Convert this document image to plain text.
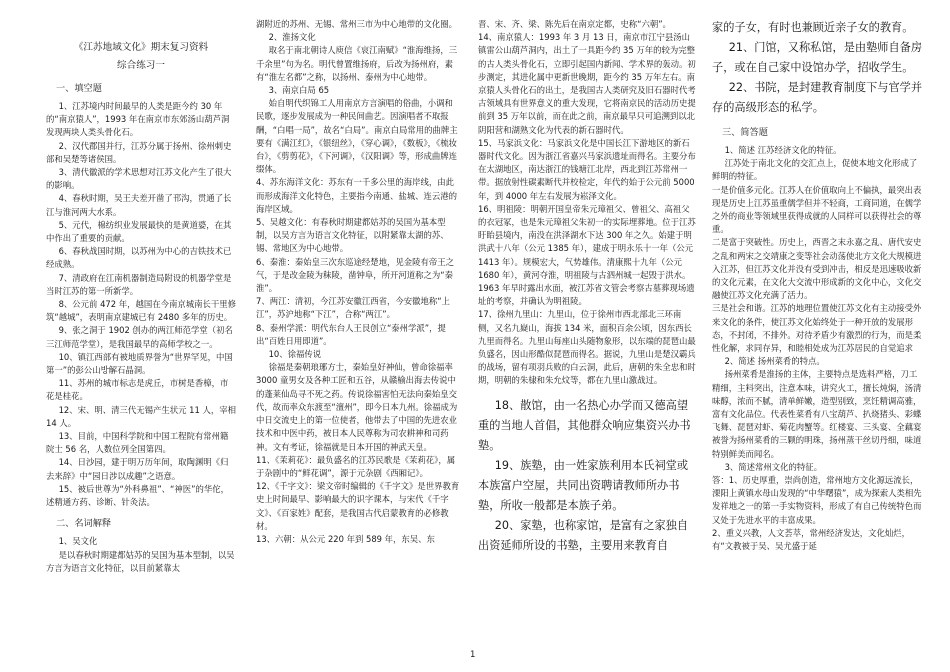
《江苏地域文化》期末复习资料
综合练习一
一、填空题

1、江苏境内时间最早的人类是距今约 30 年的“南京猿人”，1993 年在南京市东郊汤山葫芦洞发现两块人类头骨化石。

2、汉代郡国并行，江苏分属于扬州、徐州刺史部和吴楚等诸侯国。

3、清代徽派的学术思想对江苏文化产生了很大的影响。

4、春秋时期，吴王夫差开凿了邗沟，贯通了长江与淮河两大水系。

5、元代，棉纺织业发展最快的是黄道婆，在其中作出了重要的贡献。

6、春秋战国时期，以苏州为中心的吉铁技术已经成熟。

7、清政府在江南机器制造局附设的机器学堂是当时江苏的第一所新学。

8、公元前 472 年，越国在今南京城南长干里修筑“越城”，表明南京建城已有 2480 多年的历史。

9、张之洞于 1902 创办的两江师范学堂（初名三江师范学堂），是我国最早的高师学校之一。

10、镇江西部有被地质界誉为“世界罕见，中国第一”的彭公山방解石晶洞。

11、苏州的城市标志是虎丘，市树是香樟，市花是桂花。

12、宋、明、清三代无锡产生状元 11 人，宰相 14 人。

13、目前，中国科学院和中国工程院有常州籍院士 56 名，人数位列全国第四。

14、日沙园，建于明万历年间，取陶渊明《归去来辞》中“园日涉以成趣”之语意。

15、被后世尊为“外科鼻祖”、“神医”的华佗，述精通方药、诊断、针灸法。

二、名词解释

1、吴文化

是以春秋时期建都姑苏的吴国为基本型制，以吴方言为语言文化特征，以目前紧靠太

湖附近的苏州、无锡、常州三市为中心地带的文化圈。

2、淮扬文化

取名于南北朝诗人庾信《哀江南赋》“淮海维扬，三千余里”句为名。明代曾置维扬府，后改为扬州府，素有“淮左名都”之称，以扬州、泰州为中心地带。

3、南京白局 65

始自明代织锦工人用南京方言演唱的俗曲，小调和民歌，逐步发展成为一种民间曲艺。因演唱者不取报酬，“白唱一局”，故名“白局”。南京白局常用的曲牌主要有《满江红》，《银纽丝》，《穿心调》，《数板》，《梳妆台》，《剪剪花》，《下河调》，《汉阳调》等，形成曲牌连缀体。

4、苏东海洋文化：苏东有一千多公里的海岸线，由此而形成海洋文化特色，主要指今南通、盐城、连云港的海岸区域。

5、吴越文化：有春秋时期建都姑苏的吴国为基本型制，以吴方言为语言文化特征，以附紧靠太湖的苏、锡、常地区为中心地带。

6、秦淮：秦始皇三次东巡途经楚地，见金陵有帝王之气，于是改金陵为秣陵，凿钟阜，所开河道称之为“秦淮”。

7、两江：清初，今江苏安徽江西省，今安徽地称“上江”，苏沪地称“下江”，合称“两江”。

8、泰州学派：明代东台人王艮创立“泰州学派”，提出“百姓日用即道”。

10、徐福传说

徐福是秦朝琅琊方士，秦始皇好神仙，曾命徐福率 3000 童男女及各种工匠和五谷，从赣榆出海去传说中的蓬莱仙岛寻不死之药。传说徐福害怕无法向秦始皇交代，故而率众东渡至“澶州”，即今日本九州。徐福成为中日交流史上的第一位使者，他带去了中国的先进农业技术和中医中药，被日本人民尊称为司农耕神和司药神。文有考证，徐福就是日本开国的神武天皇。

11、《茉莉花》：最负盛名的江苏民歌是《茉莉花》，属于杂剧中的“鲜花调”，源于元杂剧《西厢记》。

12、《千字文》：梁文帝时编辑的《千字文》是世界教育史上时间最早、影响最大的识字课本，与宋代《千字文》、《百家姓》配套，是我国古代启蒙教育的必修教材。

13、六朝：从公元 220 年到 589 年，东吴、东

晋、宋、齐、梁、陈先后在南京定都，史称“六朝”。

14、南京猿人：1993 年 3 月 13 日，南京市江宁县汤山镇雷公山葫芦洞内，出土了一具距今约 35 万年的较为完整的古人类头骨化石，立即引起国内新闻、学术界的轰动。初步测定，其进化属中更新世晚期，距今约 35 万年左右。南京猿人头骨化石的出土，是我国古人类研究及旧石器时代考古领域具有世界意义的重大发现，它将南京民的活动历史提前到 35 万年以前，而在此之前，南京最早只可追溯到以北阴阳营和湖熟文化为代表的新石器时代。

15、马家浜文化：马家浜文化是中国长江下游地区的新石器时代文化。因为浙江省嘉兴马家浜遗址而得名。主要分布在太湖地区，南达浙江的钱塘江北岸，西北到江苏常州一带。据放射性碳素断代并校检定，年代约始于公元前 5000 年，到 4000 年左右发展为崧泽文化。

16、明祖陵：明朝开国皇帝朱元璋祖父、曾祖父、高祖父的衣冠冢，也是朱元璋祖父朱初一的实际埋葬地。位于江苏盱眙县境内，南没在洪泽湖水下达 300 年之久。始建于明洪武十八年（公元 1385 年），建成于明永乐十一年（公元 1413 年）。规模宏大，气势雄伟。清康熙十九年（公元 1680 年），黄河夺淮，明祖陵与古泗州城一起毁于洪水。1963 年早时露出水面，被江苏省文管会考察古墓葬现场遗址的考察，并确认为明祖陵。

17、徐州九里山：九里山，位于徐州市西北部北三环南侧，又名九嶷山，海拔 134 米，面积百余公顷，因东西长九里而得名。九里山每座山头随物象形，以东端的琵琶山最负盛名，因山形酷似琵琶而得名。据说，九里山是楚汉霸兵的战场，留有项羽兵败的白云洞，此后，唐朝的朱全忠和时期，明朝的朱棣和朱允炆等，都在九里山激战过。

18、散馆，由一名热心办学而又德高望重的当地人首倡，其他群众响应集资兴办书塾。

19、族塾，由一姓家族利用本氏祠堂或本族富户空屋，共同出资聘请教师所办书塾，所收一般都是本族子弟。

20、家塾，也称家馆，是富有之家独自出资延师所设的书塾，主要用来教育自

家的子女，有时也兼顾近亲子女的教育。

21、门馆，又称私馆，是由塾师自备房子，或在自己家中设馆办学，招收学生。

22、书院，是封建教育制度下与官学并存的高级形态的私学。

三、简答题

1、简述 江苏经济文化的特征。

江苏处于南北文化的交汇点上，促使本地文化形成了鲜明的特征。

一是价值多元化。江苏人在价值取向上不偏执，最突出表现是历史上江苏虽重儒学但并不轻商，工商同道，在儒学之外的商业等领域里获得成就的人同样可以获得社会的尊重。

二是富于突破性。历史上，西晋之末永嘉之乱、唐代安史之乱和两宋之交靖康之变等社会动荡使北方文化大规模进入江苏，但江苏文化并没有受到冲击，相反是迅速吸收新的文化元素，在文化大交流中形成新的文化中心，文化交融使江苏文化充满了活力。

三是社会和谐。江苏的地理位置使江苏文化有主动接受外来文化的条件，使江苏文化始终处于一种开放的发展形态，不封闭，不排外。对待矛盾少有激烈的行为，而是柔性化解，求同存异，和睦相处成为江苏居民的自觉追求

2、简述 扬州菜肴的特点。

扬州菜肴是淮扬的主体，主要特点是选料严格，刀工精细，主料突出，注意本味，讲究火工，擅长炖焖，汤清味醇，浓而不腻，清单鲜嫩，造型别致，烹饪精调高雅，富有文化品位。代表性菜肴有八宝葫芦、扒烧猪头、彩蝶飞舞、琵琶对虾、菊花肉蟹等。红楼宴、三头宴、全藕宴被誉为扬州菜肴的三颗的明珠，扬州蒸干丝切丹细，味道特别鲜美而闻名。

3、简述常州文化的特征。

答：1、历史厚重，崇尚创造，常州地方文化源远流长，溧阳上黄镇水母山发现的“中华曙猿”，成为探索人类相先发祥地之一的第一手实物资料，形成了有自己传统特色而又处于先进水平的丰富成果。

2、重义兴教，人文荟萃，常州经济发达，文化灿烂，有“文教被于吴、吴尤盛于延

1
